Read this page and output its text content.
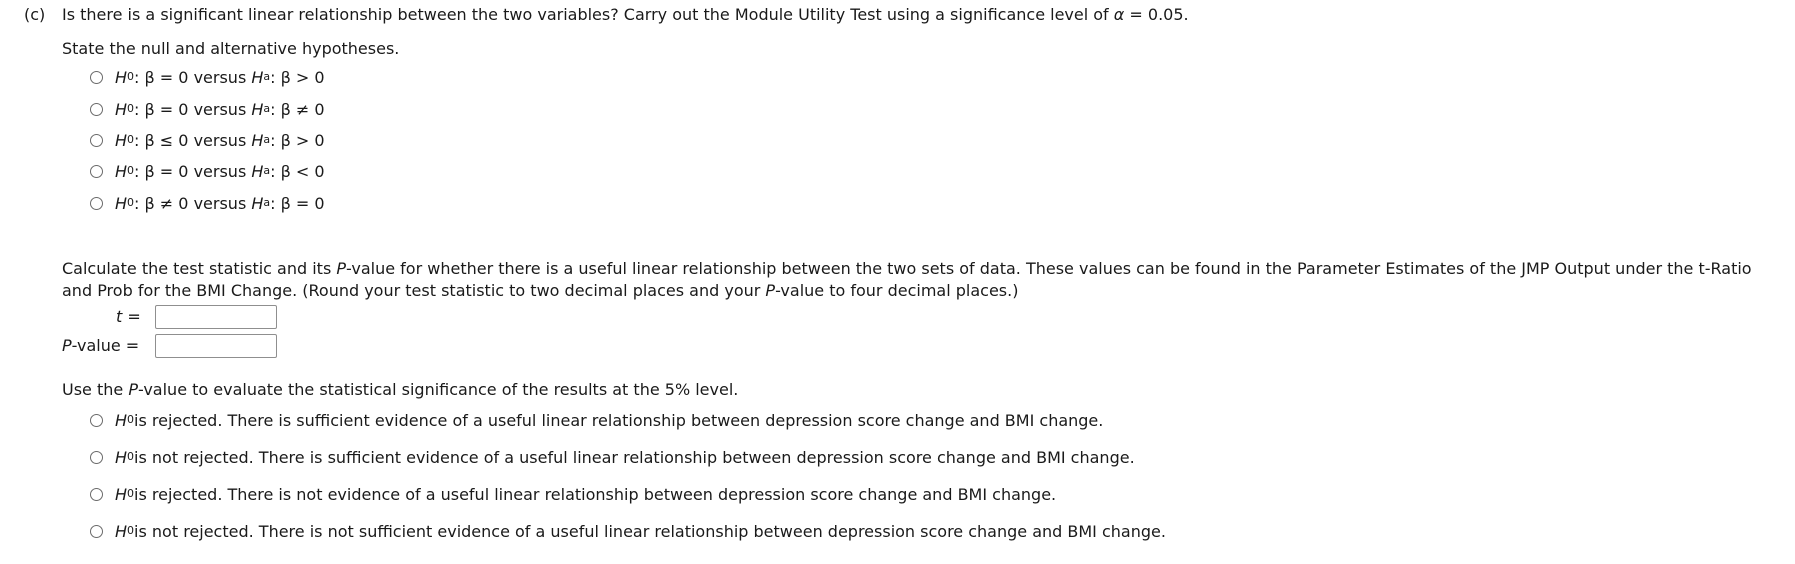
(c) Is there is a significant linear relationship between the two variables? Carry out the Module Utility Test using a significance level of α = 0.05.
State the null and alternative hypotheses.
H 0 : β = 0 versus H a : β > 0
H 0 : β = 0 versus H a : β ≠ 0
H 0 : β ≤ 0 versus H a : β > 0
H 0 : β = 0 versus H a : β < 0
H 0 : β ≠ 0 versus H a : β = 0
Calculate the test statistic and its P-value for whether there is a useful linear relationship between the two sets of data. These values can be found in the Parameter Estimates of the JMP Output under the t-Ratio and Prob for the BMI Change. (Round your test statistic to two decimal places and your P-value to four decimal places.)
t =
P-value =
Use the P-value to evaluate the statistical significance of the results at the 5% level.
H 0 is rejected. There is sufficient evidence of a useful linear relationship between depression score change and BMI change.
H 0 is not rejected. There is sufficient evidence of a useful linear relationship between depression score change and BMI change.
H 0 is rejected. There is not evidence of a useful linear relationship between depression score change and BMI change.
H 0 is not rejected. There is not sufficient evidence of a useful linear relationship between depression score change and BMI change.
